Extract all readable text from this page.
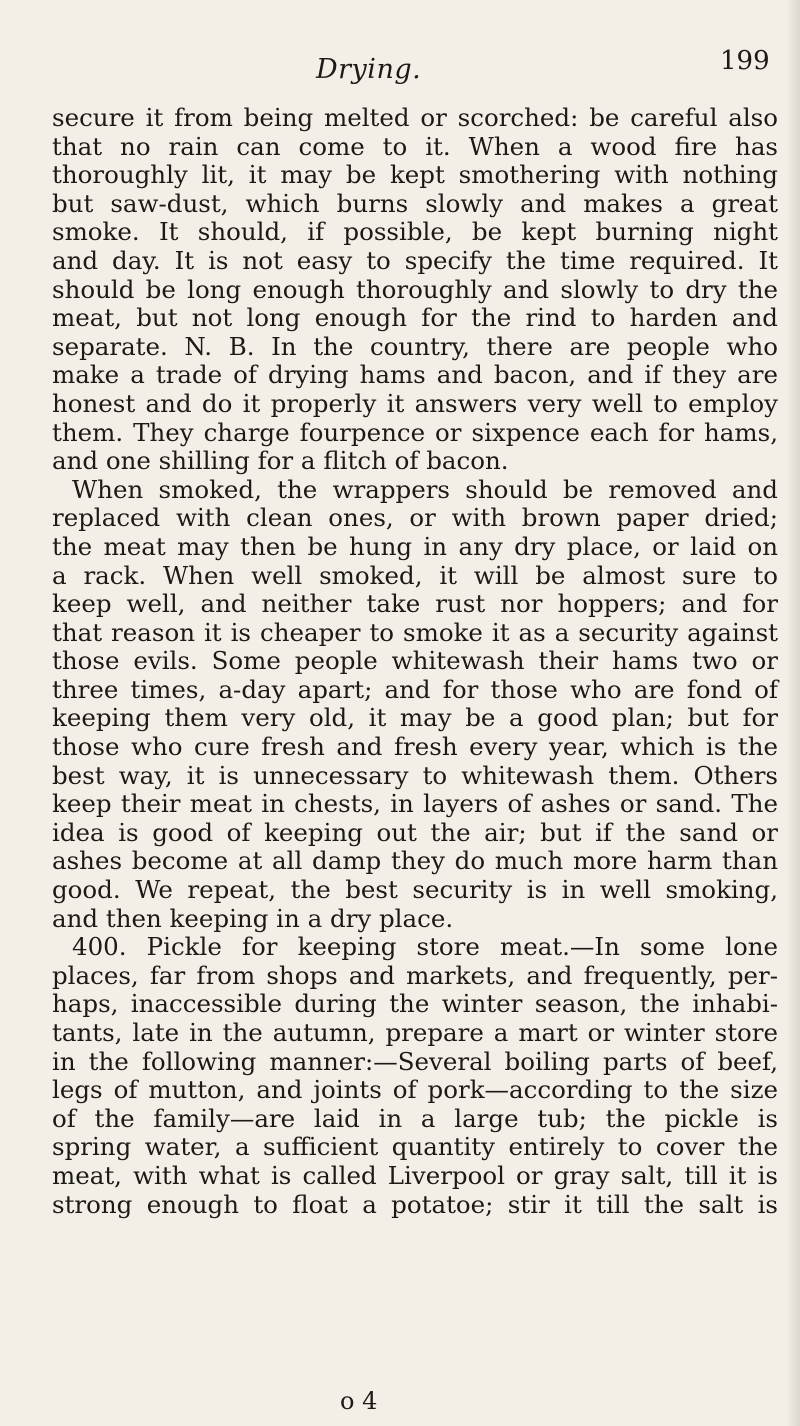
Drying.	199
secure it from being melted or scorched: be careful also
that no rain can come to it. When a wood fire has
thoroughly lit, it may be kept smothering with nothing
but saw-dust, which burns slowly and makes a great
smoke. It should, if possible, be kept burning night
and day. It is not easy to specify the time required. It
should be long enough thoroughly and slowly to dry the
meat, but not long enough for the rind to harden and
separate. N. B. In the country, there are people who
make a trade of drying hams and bacon, and if they are
honest and do it properly it answers very well to employ
them. They charge fourpence or sixpence each for hams,
and one shilling for a flitch of bacon.
When smoked, the wrappers should be removed and
replaced with clean ones, or with brown paper dried;
the meat may then be hung in any dry place, or laid on
a rack. When well smoked, it will be almost sure to
keep well, and neither take rust nor hoppers; and for
that reason it is cheaper to smoke it as a security against
those evils. Some people whitewash their hams two or
three times, a-day apart; and for those who are fond of
keeping them very old, it may be a good plan; but for
those who cure fresh and fresh every year, which is the
best way, it is unnecessary to whitewash them. Others
keep their meat in chests, in layers of ashes or sand. The
idea is good of keeping out the air; but if the sand or
ashes become at all damp they do much more harm than
good. We repeat, the best security is in well smoking,
and then keeping in a dry place.
400. Pickle for keeping store meat.—In some lone
places, far from shops and markets, and frequently, per-
haps, inaccessible during the winter season, the inhabi-
tants, late in the autumn, prepare a mart or winter store
in the following manner:—Several boiling parts of beef,
legs of mutton, and joints of pork—according to the size
of the family—are laid in a large tub; the pickle is
spring water, a sufficient quantity entirely to cover the
meat, with what is called Liverpool or gray salt, till it is
strong enough to float a potatoe; stir it till the salt is
o 4
